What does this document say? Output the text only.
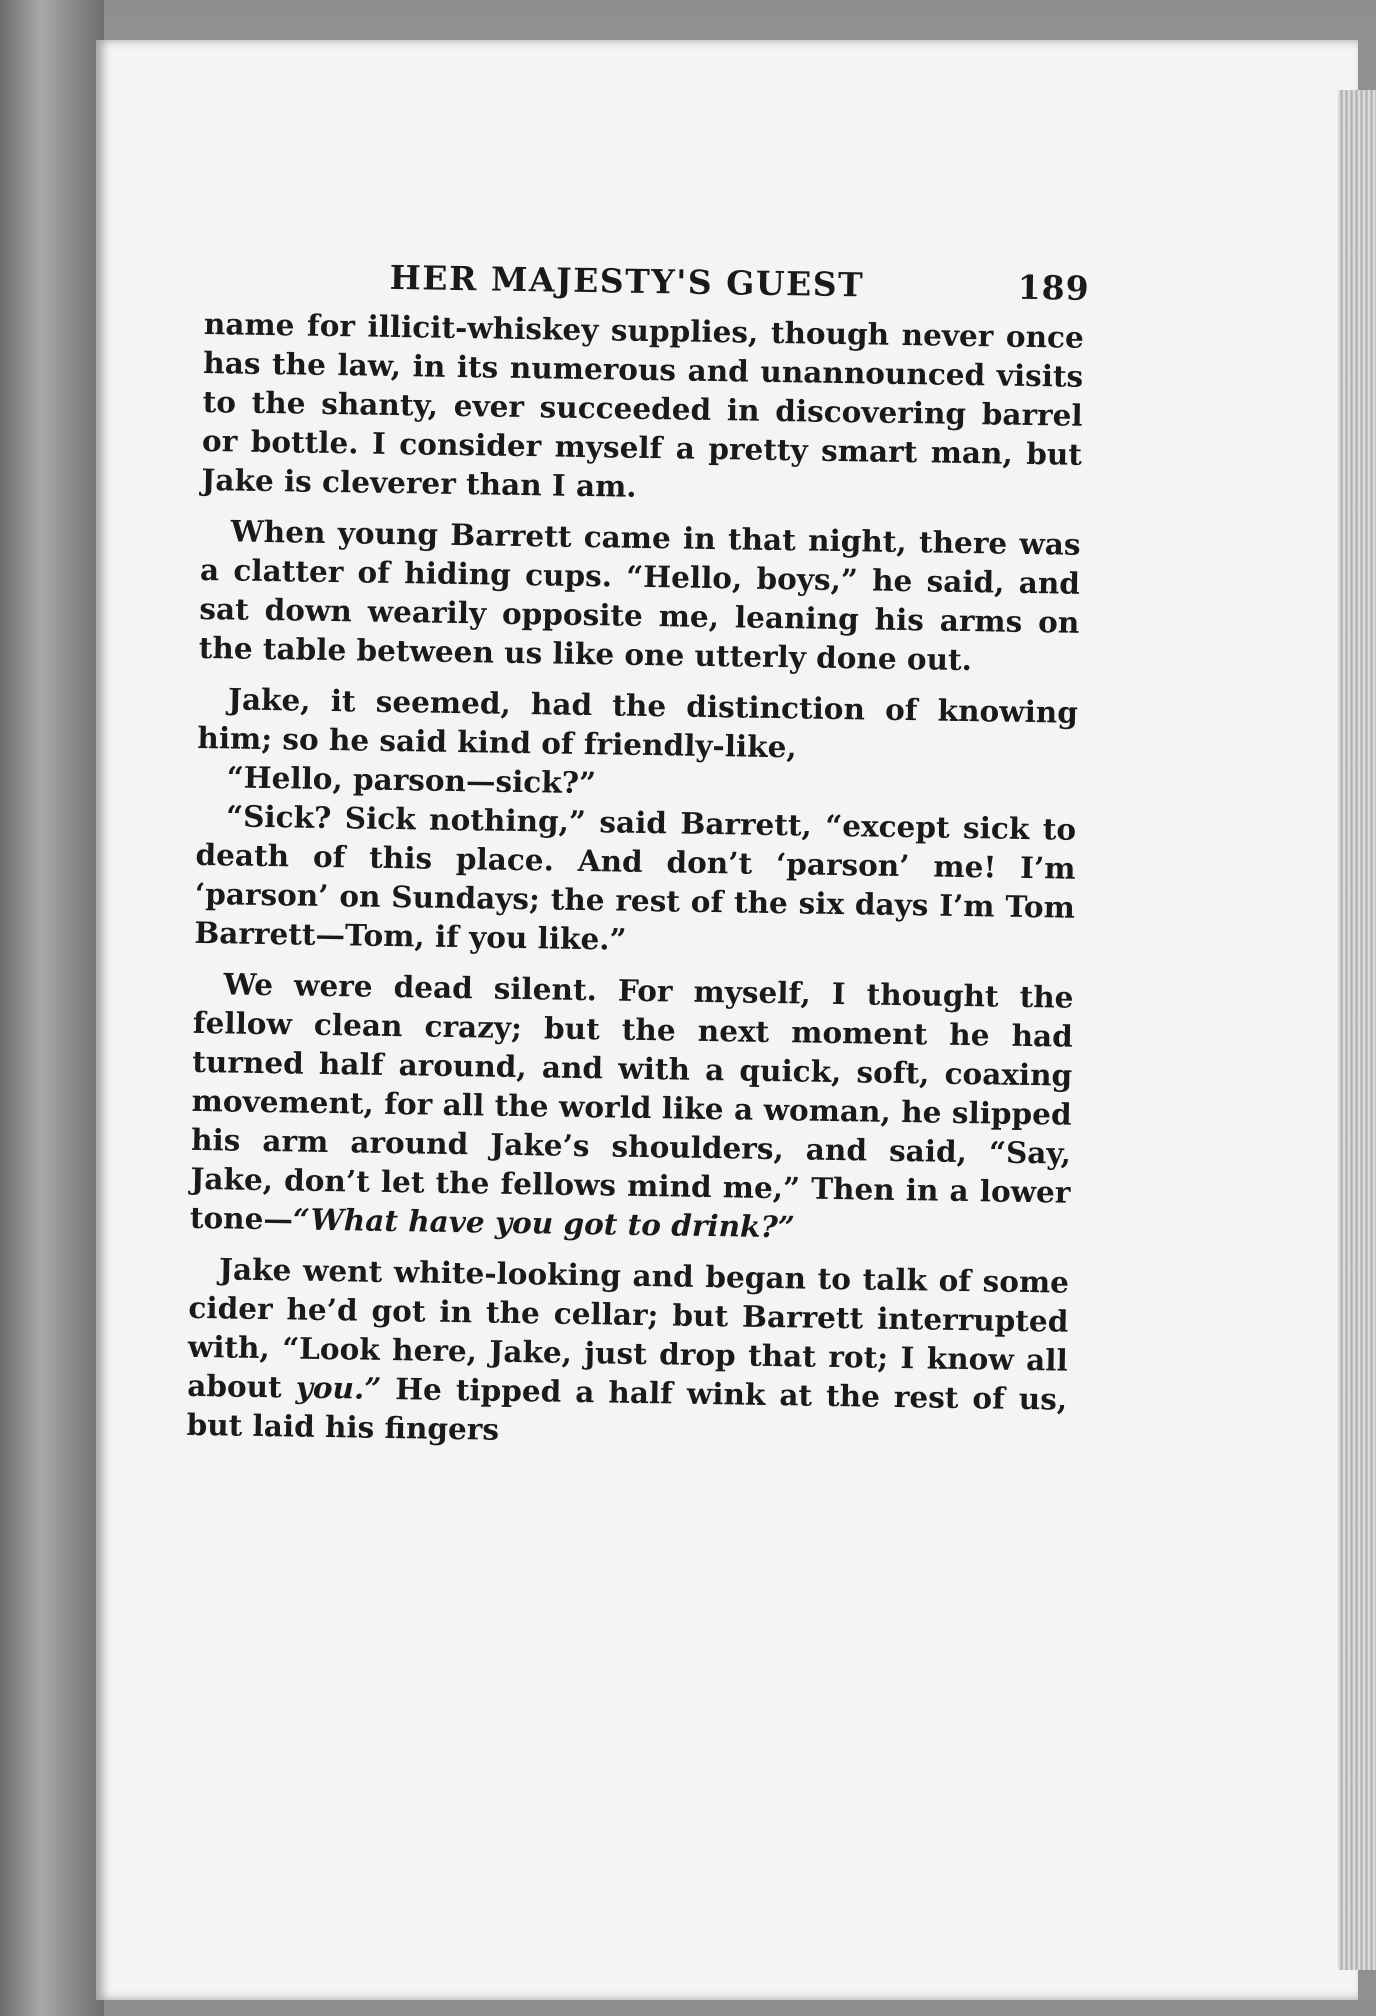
HER MAJESTY'S GUEST	189

name for illicit-whiskey supplies, though never once has the law, in its numerous and unannounced visits to the shanty, ever succeeded in discovering barrel or bottle. I consider myself a pretty smart man, but Jake is cleverer than I am.

When young Barrett came in that night, there was a clatter of hiding cups. “Hello, boys,” he said, and sat down wearily opposite me, leaning his arms on the table between us like one utterly done out.

Jake, it seemed, had the distinction of knowing him; so he said kind of friendly-like,

“Hello, parson—sick?”

“Sick? Sick nothing,” said Barrett, “except sick to death of this place. And don’t ‘parson’ me! I’m ‘parson’ on Sundays; the rest of the six days I’m Tom Barrett—Tom, if you like.”

We were dead silent. For myself, I thought the fellow clean crazy; but the next moment he had turned half around, and with a quick, soft, coaxing movement, for all the world like a woman, he slipped his arm around Jake’s shoulders, and said, “Say, Jake, don’t let the fellows mind me,” Then in a lower tone—“What have you got to drink?”

Jake went white-looking and began to talk of some cider he’d got in the cellar; but Barrett interrupted with, “Look here, Jake, just drop that rot; I know all about you.” He tipped a half wink at the rest of us, but laid his fingers
